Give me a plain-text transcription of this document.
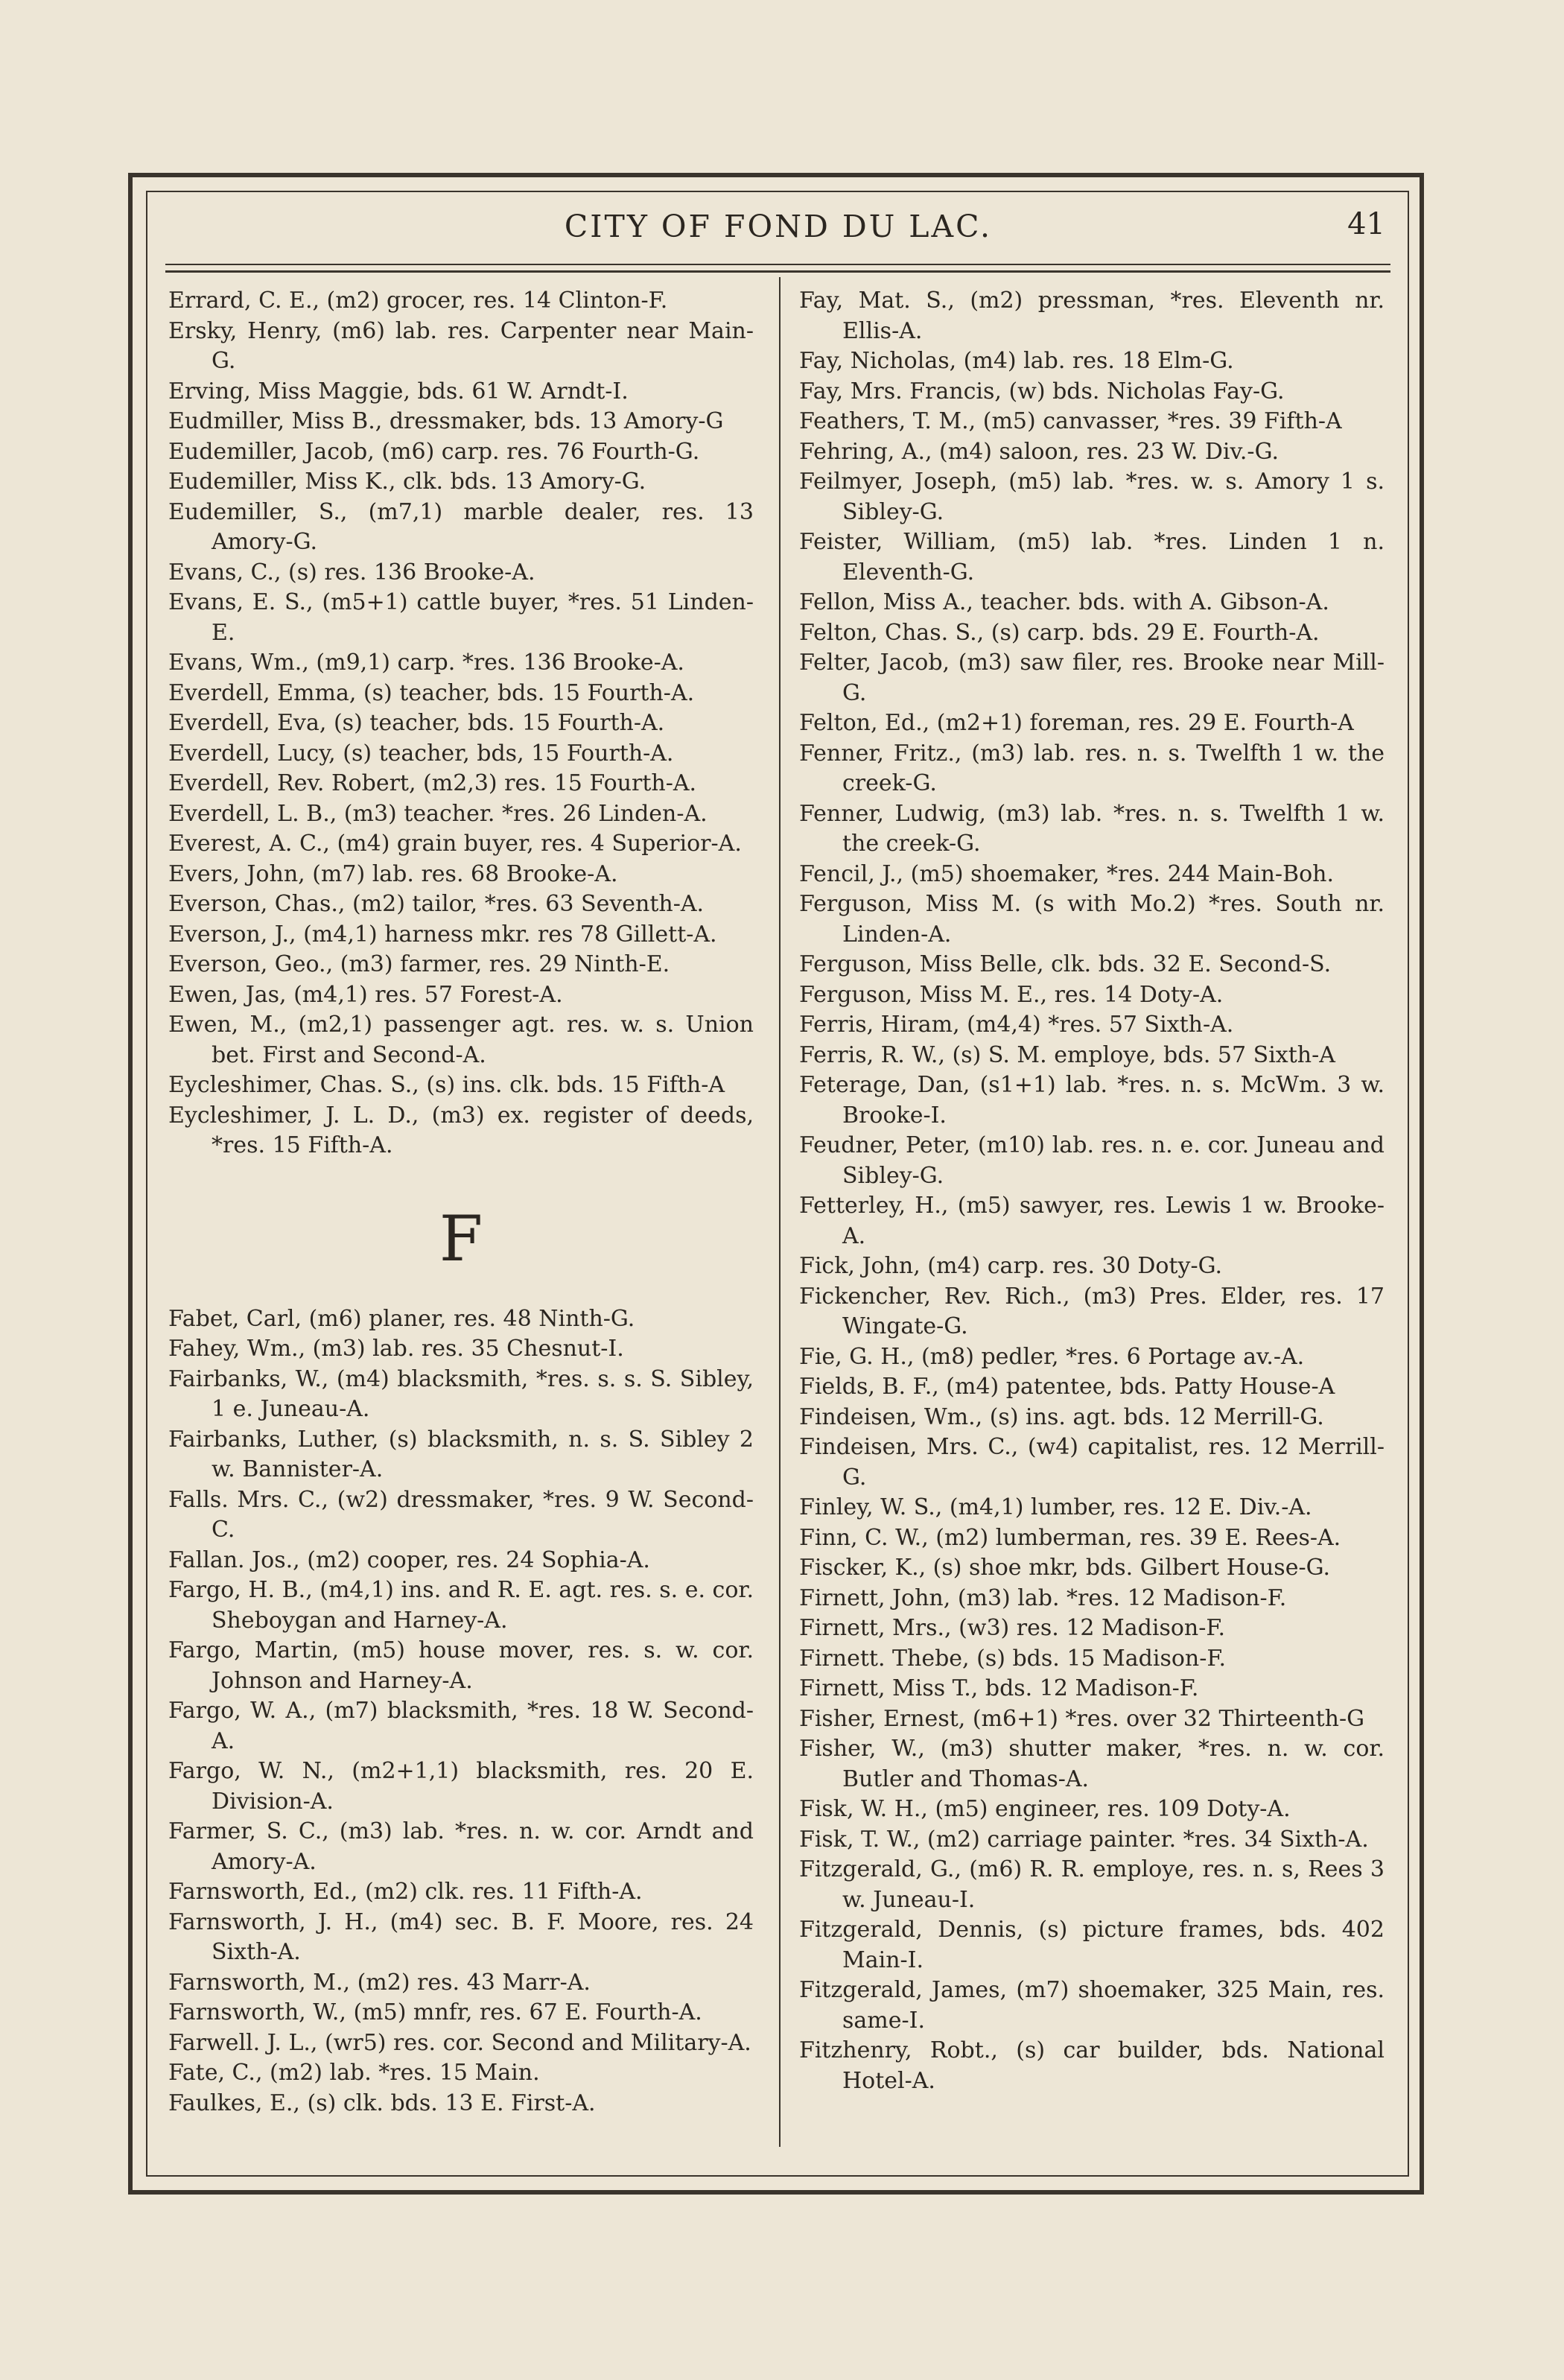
CITY OF FOND DU LAC.	41

Errard, C. E., (m2) grocer, res. 14 Clinton-F.

Ersky, Henry, (m6) lab. res. Carpenter near Main-G.

Erving, Miss Maggie, bds. 61 W. Arndt-I.

Eudmiller, Miss B., dressmaker, bds. 13 Amory-G

Eudemiller, Jacob, (m6) carp. res. 76 Fourth-G.

Eudemiller, Miss K., clk. bds. 13 Amory-G.

Eudemiller, S., (m7,1) marble dealer, res. 13 Amory-G.

Evans, C., (s) res. 136 Brooke-A.

Evans, E. S., (m5+1) cattle buyer, *res. 51 Linden-E.

Evans, Wm., (m9,1) carp. *res. 136 Brooke-A.

Everdell, Emma, (s) teacher, bds. 15 Fourth-A.

Everdell, Eva, (s) teacher, bds. 15 Fourth-A.

Everdell, Lucy, (s) teacher, bds, 15 Fourth-A.

Everdell, Rev. Robert, (m2,3) res. 15 Fourth-A.

Everdell, L. B., (m3) teacher. *res. 26 Linden-A.

Everest, A. C., (m4) grain buyer, res. 4 Superior-A.

Evers, John, (m7) lab. res. 68 Brooke-A.

Everson, Chas., (m2) tailor, *res. 63 Seventh-A.

Everson, J., (m4,1) harness mkr. res 78 Gillett-A.

Everson, Geo., (m3) farmer, res. 29 Ninth-E.

Ewen, Jas, (m4,1) res. 57 Forest-A.

Ewen, M., (m2,1) passenger agt. res. w. s. Union bet. First and Second-A.

Eycleshimer, Chas. S., (s) ins. clk. bds. 15 Fifth-A

Eycleshimer, J. L. D., (m3) ex. register of deeds, *res. 15 Fifth-A.

F

Fabet, Carl, (m6) planer, res. 48 Ninth-G.

Fahey, Wm., (m3) lab. res. 35 Chesnut-I.

Fairbanks, W., (m4) blacksmith, *res. s. s. S. Sibley, 1 e. Juneau-A.

Fairbanks, Luther, (s) blacksmith, n. s. S. Sibley 2 w. Bannister-A.

Falls. Mrs. C., (w2) dressmaker, *res. 9 W. Second-C.

Fallan. Jos., (m2) cooper, res. 24 Sophia-A.

Fargo, H. B., (m4,1) ins. and R. E. agt. res. s. e. cor. Sheboygan and Harney-A.

Fargo, Martin, (m5) house mover, res. s. w. cor. Johnson and Harney-A.

Fargo, W. A., (m7) blacksmith, *res. 18 W. Second-A.

Fargo, W. N., (m2+1,1) blacksmith, res. 20 E. Division-A.

Farmer, S. C., (m3) lab. *res. n. w. cor. Arndt and Amory-A.

Farnsworth, Ed., (m2) clk. res. 11 Fifth-A.

Farnsworth, J. H., (m4) sec. B. F. Moore, res. 24 Sixth-A.

Farnsworth, M., (m2) res. 43 Marr-A.

Farnsworth, W., (m5) mnfr, res. 67 E. Fourth-A.

Farwell. J. L., (wr5) res. cor. Second and Military-A.

Fate, C., (m2) lab. *res. 15 Main.

Faulkes, E., (s) clk. bds. 13 E. First-A.

Fay, Mat. S., (m2) pressman, *res. Eleventh nr. Ellis-A.

Fay, Nicholas, (m4) lab. res. 18 Elm-G.

Fay, Mrs. Francis, (w) bds. Nicholas Fay-G.

Feathers, T. M., (m5) canvasser, *res. 39 Fifth-A

Fehring, A., (m4) saloon, res. 23 W. Div.-G.

Feilmyer, Joseph, (m5) lab. *res. w. s. Amory 1 s. Sibley-G.

Feister, William, (m5) lab. *res. Linden 1 n. Eleventh-G.

Fellon, Miss A., teacher. bds. with A. Gibson-A.

Felton, Chas. S., (s) carp. bds. 29 E. Fourth-A.

Felter, Jacob, (m3) saw filer, res. Brooke near Mill-G.

Felton, Ed., (m2+1) foreman, res. 29 E. Fourth-A

Fenner, Fritz., (m3) lab. res. n. s. Twelfth 1 w. the creek-G.

Fenner, Ludwig, (m3) lab. *res. n. s. Twelfth 1 w. the creek-G.

Fencil, J., (m5) shoemaker, *res. 244 Main-Boh.

Ferguson, Miss M. (s with Mo.2) *res. South nr. Linden-A.

Ferguson, Miss Belle, clk. bds. 32 E. Second-S.

Ferguson, Miss M. E., res. 14 Doty-A.

Ferris, Hiram, (m4,4) *res. 57 Sixth-A.

Ferris, R. W., (s) S. M. employe, bds. 57 Sixth-A

Feterage, Dan, (s1+1) lab. *res. n. s. McWm. 3 w. Brooke-I.

Feudner, Peter, (m10) lab. res. n. e. cor. Juneau and Sibley-G.

Fetterley, H., (m5) sawyer, res. Lewis 1 w. Brooke-A.

Fick, John, (m4) carp. res. 30 Doty-G.

Fickencher, Rev. Rich., (m3) Pres. Elder, res. 17 Wingate-G.

Fie, G. H., (m8) pedler, *res. 6 Portage av.-A.

Fields, B. F., (m4) patentee, bds. Patty House-A

Findeisen, Wm., (s) ins. agt. bds. 12 Merrill-G.

Findeisen, Mrs. C., (w4) capitalist, res. 12 Merrill-G.

Finley, W. S., (m4,1) lumber, res. 12 E. Div.-A.

Finn, C. W., (m2) lumberman, res. 39 E. Rees-A.

Fiscker, K., (s) shoe mkr, bds. Gilbert House-G.

Firnett, John, (m3) lab. *res. 12 Madison-F.

Firnett, Mrs., (w3) res. 12 Madison-F.

Firnett. Thebe, (s) bds. 15 Madison-F.

Firnett, Miss T., bds. 12 Madison-F.

Fisher, Ernest, (m6+1) *res. over 32 Thirteenth-G

Fisher, W., (m3) shutter maker, *res. n. w. cor. Butler and Thomas-A.

Fisk, W. H., (m5) engineer, res. 109 Doty-A.

Fisk, T. W., (m2) carriage painter. *res. 34 Sixth-A.

Fitzgerald, G., (m6) R. R. employe, res. n. s, Rees 3 w. Juneau-I.

Fitzgerald, Dennis, (s) picture frames, bds. 402 Main-I.

Fitzgerald, James, (m7) shoemaker, 325 Main, res. same-I.

Fitzhenry, Robt., (s) car builder, bds. National Hotel-A.
